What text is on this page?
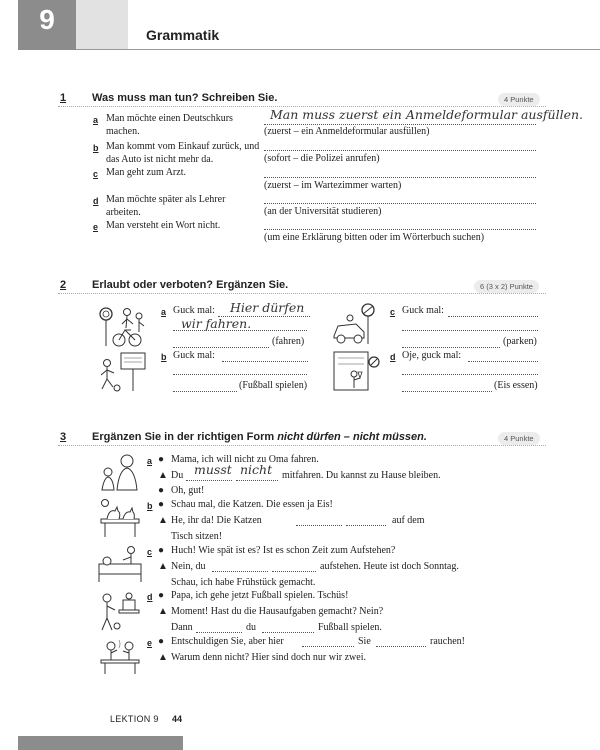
9	Grammatik
1 Was muss man tun? Schreiben Sie.	4 Punkte
a Man möchte einen Deutschkurs machen.
Man muss zuerst ein Anmeldeformular ausfüllen.
(zuerst – ein Anmeldeformular ausfüllen)
b Man kommt vom Einkauf zurück, und das Auto ist nicht mehr da.	(sofort – die Polizei anrufen)
c Man geht zum Arzt.
(zuerst – im Wartezimmer warten)
d Man möchte später als Lehrer arbeiten.	(an der Universität studieren)
e Man versteht ein Wort nicht.
(um eine Erklärung bitten oder im Wörterbuch suchen)
2 Erlaubt oder verboten? Ergänzen Sie.	6 (3 x 2) Punkte
a Guck mal: Hier dürfen
wir fahren.
(fahren)
b Guck mal:
(Fußball spielen)
c Guck mal:
(parken)
d Oje, guck mal:
(Eis essen)
3 Ergänzen Sie in der richtigen Form nicht dürfen – nicht müssen.	4 Punkte
a ● Mama, ich will nicht zu Oma fahren.
▲ Du musst nicht mitfahren. Du kannst zu Hause bleiben.
● Oh, gut!
b ● Schau mal, die Katzen. Die essen ja Eis!
▲ He, ihr da! Die Katzen	auf dem
Tisch sitzen!
c ● Huch! Wie spät ist es? Ist es schon Zeit zum Aufstehen?
▲ Nein, du	aufstehen. Heute ist doch Sonntag.
Schau, ich habe Frühstück gemacht.
d ● Papa, ich gehe jetzt Fußball spielen. Tschüs!
▲ Moment! Hast du die Hausaufgaben gemacht? Nein?
Dann	du	Fußball spielen.
e ● Entschuldigen Sie, aber hier	Sie	rauchen!
▲ Warum denn nicht? Hier sind doch nur wir zwei.
LEKTION 9 44
